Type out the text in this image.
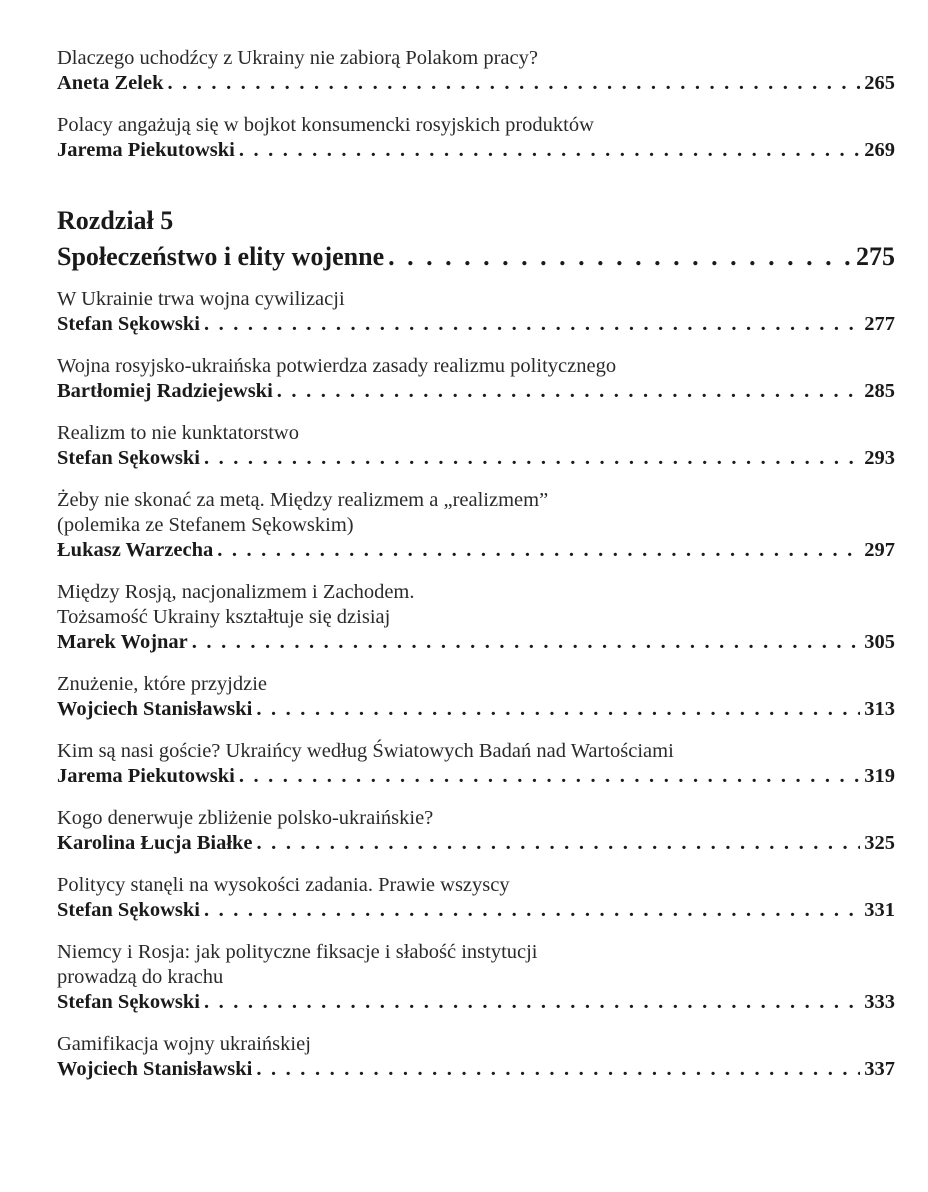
Dlaczego uchodźcy z Ukrainy nie zabiorą Polakom pracy?
Aneta Zelek . . .	265
Polacy angażują się w bojkot konsumencki rosyjskich produktów
Jarema Piekutowski . . .	269
Rozdział 5
Społeczeństwo i elity wojenne . . .	275
W Ukrainie trwa wojna cywilizacji
Stefan Sękowski . . .	277
Wojna rosyjsko-ukraińska potwierdza zasady realizmu politycznego
Bartłomiej Radziejewski . . .	285
Realizm to nie kunktatorstwo
Stefan Sękowski . . .	293
Żeby nie skonać za metą. Między realizmem a „realizmem”
(polemika ze Stefanem Sękowskim)
Łukasz Warzecha . . .	297
Między Rosją, nacjonalizmem i Zachodem.
Tożsamość Ukrainy kształtuje się dzisiaj
Marek Wojnar . . .	305
Znużenie, które przyjdzie
Wojciech Stanisławski . . .	313
Kim są nasi goście? Ukraińcy według Światowych Badań nad Wartościami
Jarema Piekutowski . . .	319
Kogo denerwuje zbliżenie polsko-ukraińskie?
Karolina Łucja Białke . . .	325
Politycy stanęli na wysokości zadania. Prawie wszyscy
Stefan Sękowski . . .	331
Niemcy i Rosja: jak polityczne fiksacje i słabość instytucji
prowadzą do krachu
Stefan Sękowski . . .	333
Gamifikacja wojny ukraińskiej
Wojciech Stanisławski . . .	337
